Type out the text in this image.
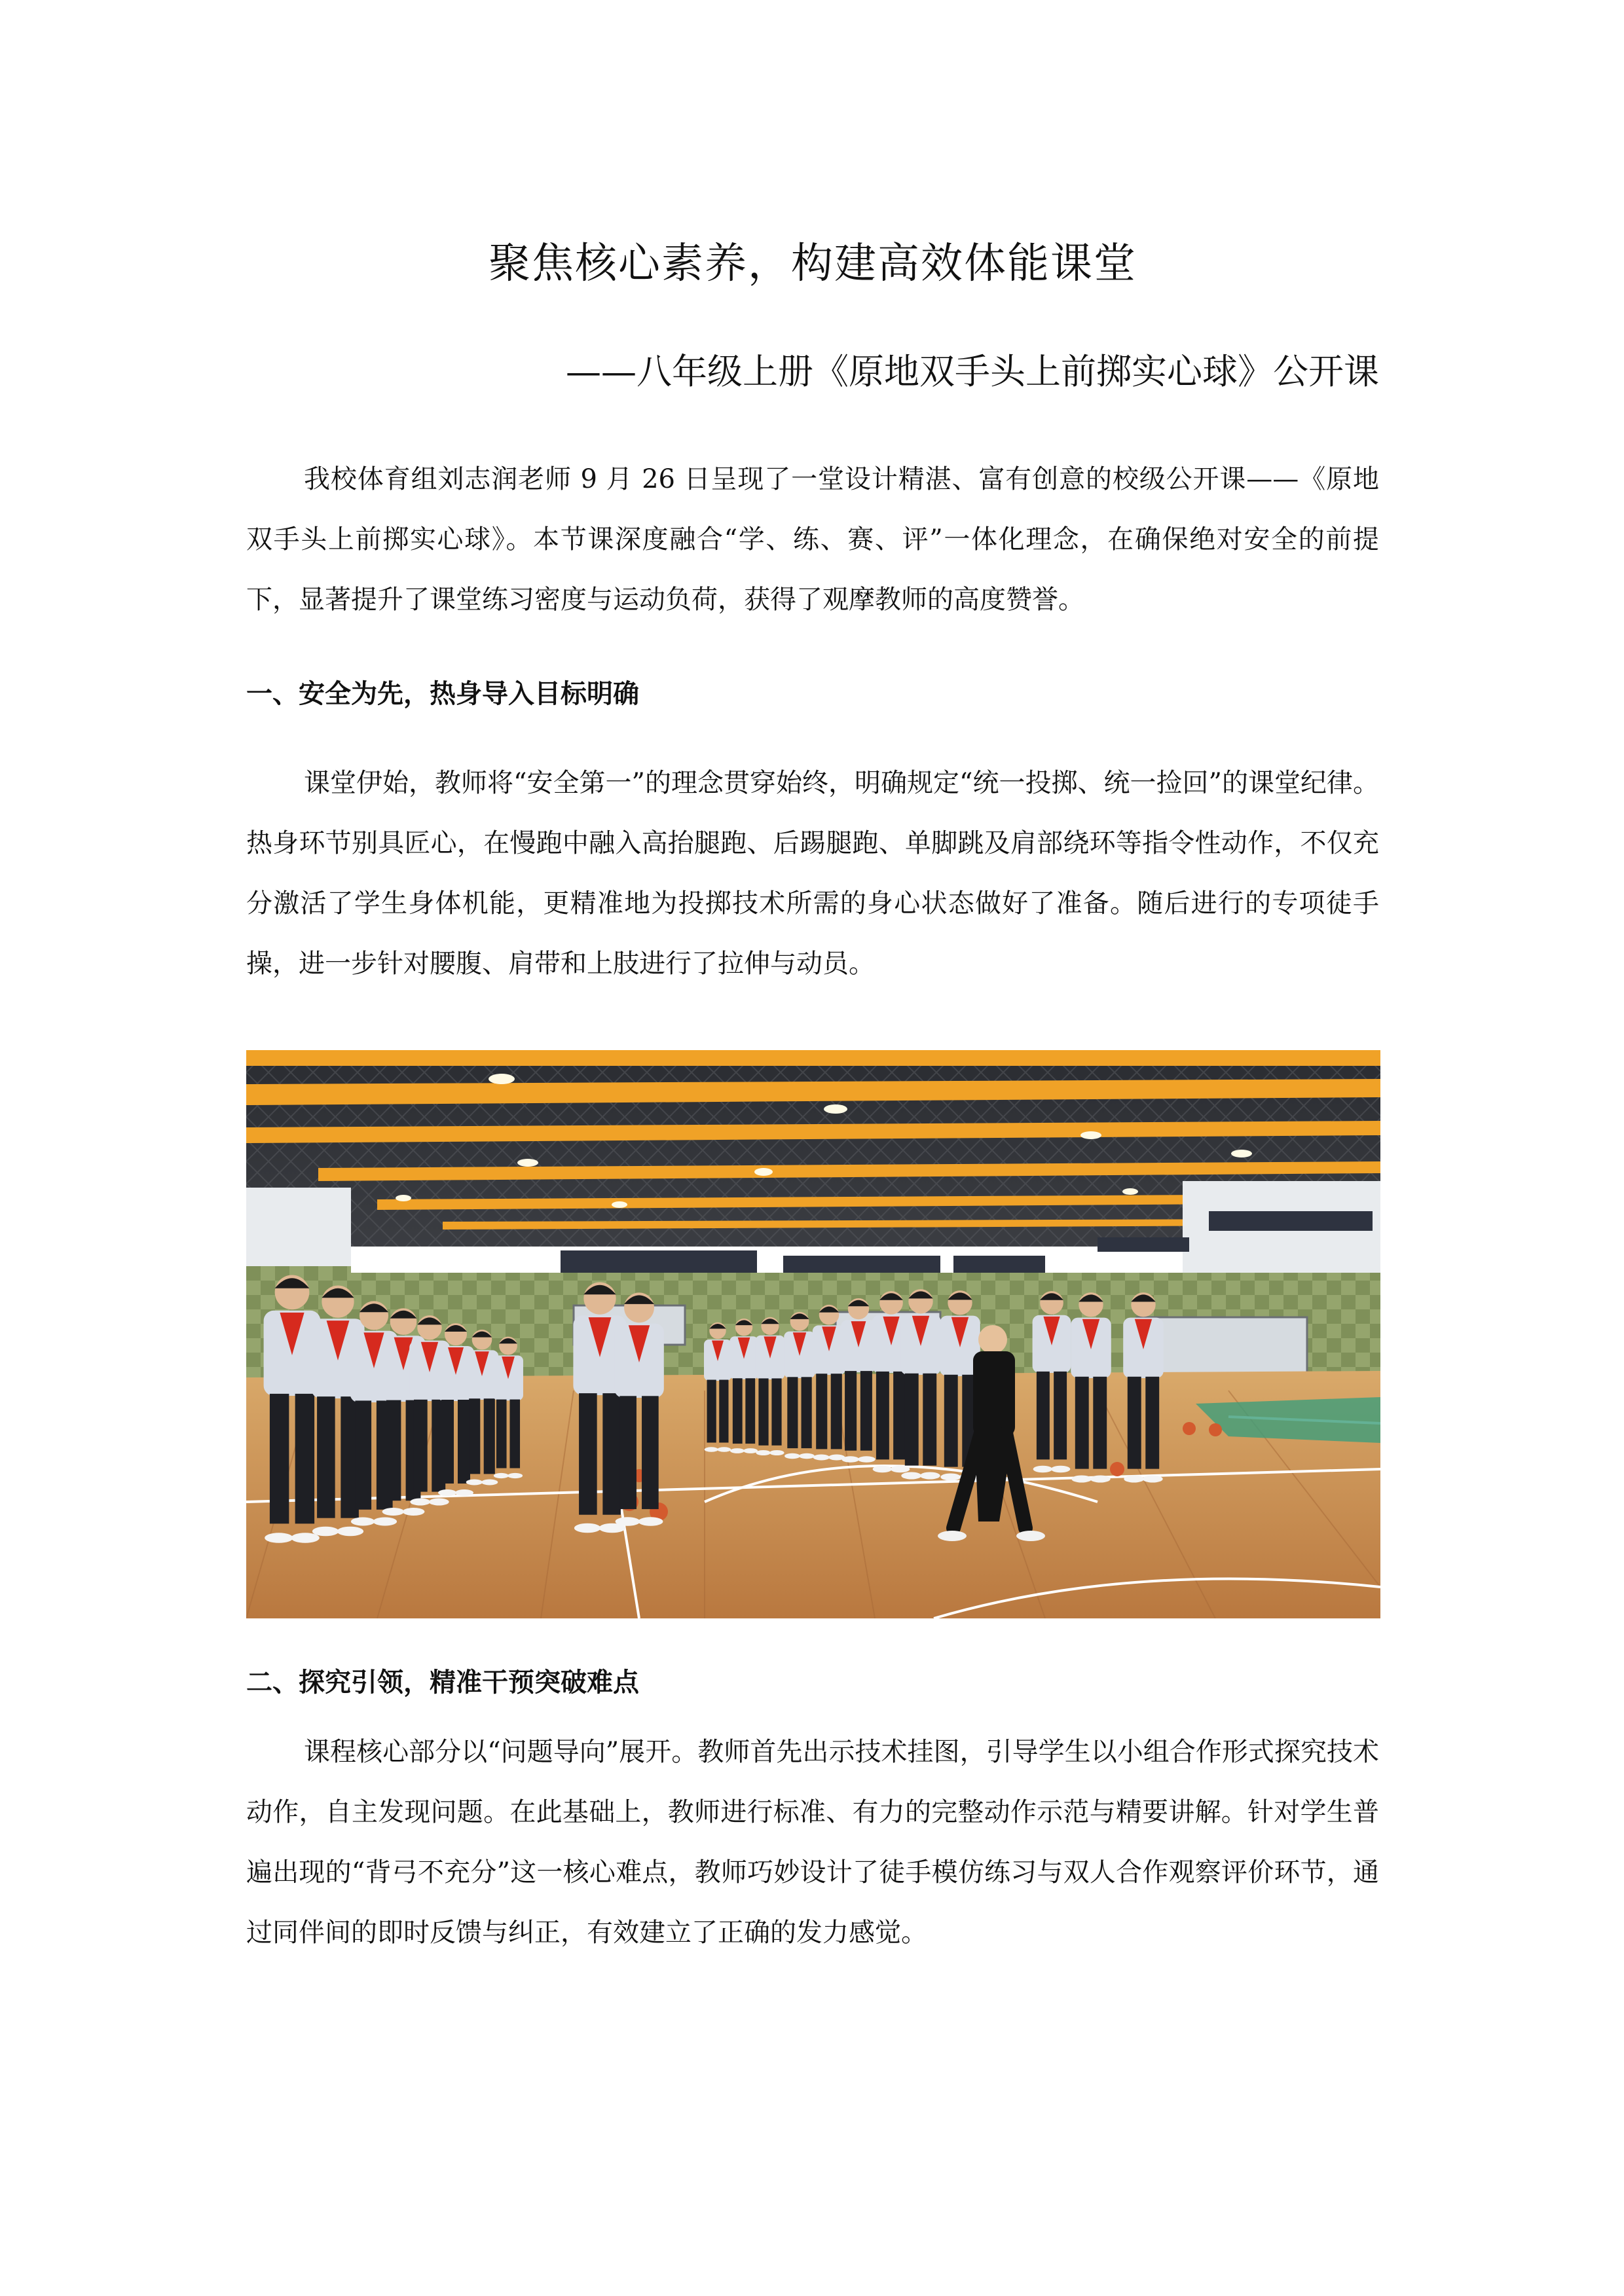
聚焦核心素养，构建高效体能课堂
——八年级上册《原地双手头上前掷实心球》公开课

我校体育组刘志润老师 9 月 26 日呈现了一堂设计精湛、富有创意的校级公开课——《原地双手头上前掷实心球》。本节课深度融合“学、练、赛、评”一体化理念，在确保绝对安全的前提下，显著提升了课堂练习密度与运动负荷，获得了观摩教师的高度赞誉。

一、安全为先，热身导入目标明确

课堂伊始，教师将“安全第一”的理念贯穿始终，明确规定“统一投掷、统一捡回”的课堂纪律。热身环节别具匠心，在慢跑中融入高抬腿跑、后踢腿跑、单脚跳及肩部绕环等指令性动作，不仅充分激活了学生身体机能，更精准地为投掷技术所需的身心状态做好了准备。随后进行的专项徒手操，进一步针对腰腹、肩带和上肢进行了拉伸与动员。

二、探究引领，精准干预突破难点

课程核心部分以“问题导向”展开。教师首先出示技术挂图，引导学生以小组合作形式探究技术动作，自主发现问题。在此基础上，教师进行标准、有力的完整动作示范与精要讲解。针对学生普遍出现的“背弓不充分”这一核心难点，教师巧妙设计了徒手模仿练习与双人合作观察评价环节，通过同伴间的即时反馈与纠正，有效建立了正确的发力感觉。
